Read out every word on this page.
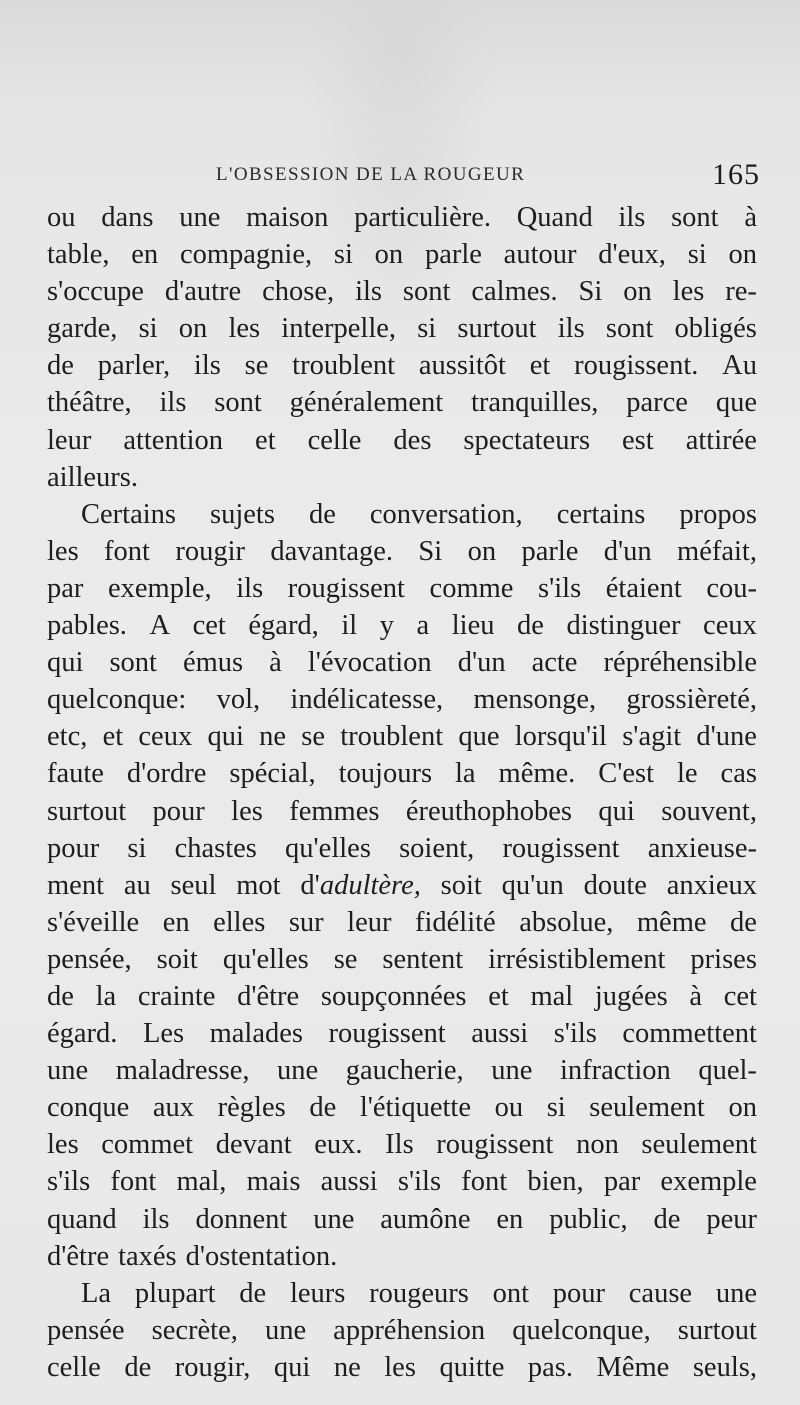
L'OBSESSION DE LA ROUGEUR	165
ou dans une maison particulière. Quand ils sont à
table, en compagnie, si on parle autour d'eux, si on
s'occupe d'autre chose, ils sont calmes. Si on les re-
garde, si on les interpelle, si surtout ils sont obligés
de parler, ils se troublent aussitôt et rougissent. Au
théâtre, ils sont généralement tranquilles, parce que
leur attention et celle des spectateurs est attirée
ailleurs.
Certains sujets de conversation, certains propos
les font rougir davantage. Si on parle d'un méfait,
par exemple, ils rougissent comme s'ils étaient cou-
pables. A cet égard, il y a lieu de distinguer ceux
qui sont émus à l'évocation d'un acte répréhensible
quelconque: vol, indélicatesse, mensonge, grossièreté,
etc, et ceux qui ne se troublent que lorsqu'il s'agit d'une
faute d'ordre spécial, toujours la même. C'est le cas
surtout pour les femmes éreuthophobes qui souvent,
pour si chastes qu'elles soient, rougissent anxieuse-
ment au seul mot d'adultère, soit qu'un doute anxieux
s'éveille en elles sur leur fidélité absolue, même de
pensée, soit qu'elles se sentent irrésistiblement prises
de la crainte d'être soupçonnées et mal jugées à cet
égard. Les malades rougissent aussi s'ils commettent
une maladresse, une gaucherie, une infraction quel-
conque aux règles de l'étiquette ou si seulement on
les commet devant eux. Ils rougissent non seulement
s'ils font mal, mais aussi s'ils font bien, par exemple
quand ils donnent une aumône en public, de peur
d'être taxés d'ostentation.
La plupart de leurs rougeurs ont pour cause une
pensée secrète, une appréhension quelconque, surtout
celle de rougir, qui ne les quitte pas. Même seuls,
